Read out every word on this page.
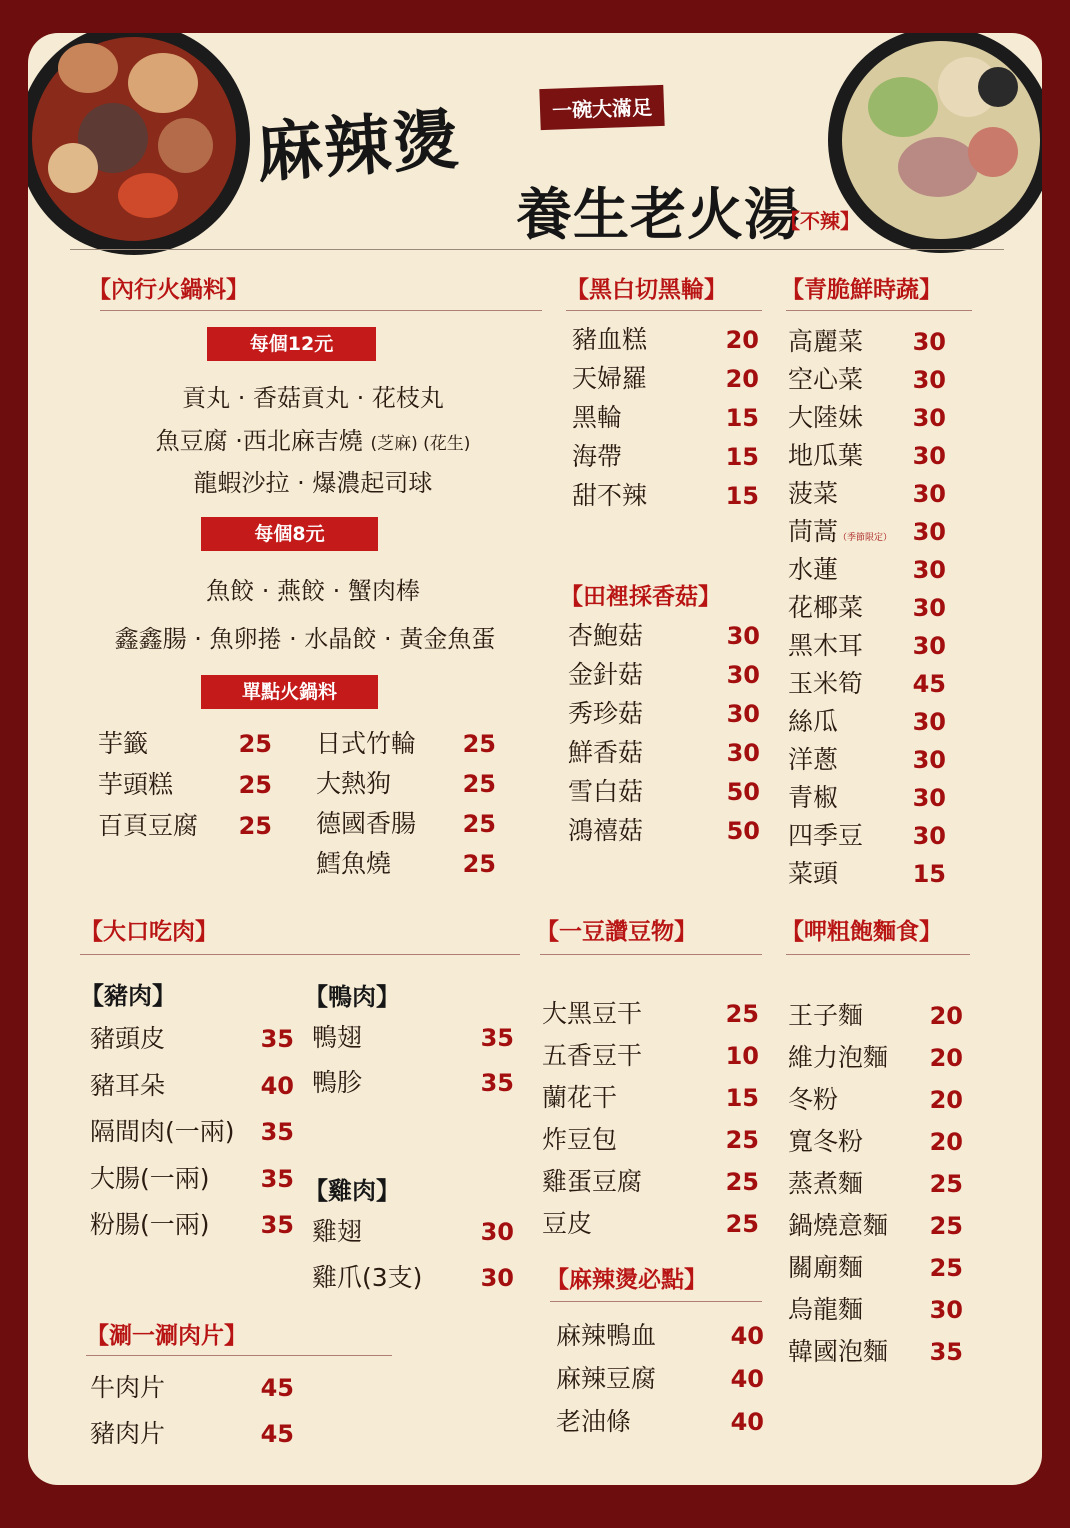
麻辣燙	一碗大滿足
養生老火湯
【不辣】
【內行火鍋料】
每個12元
貢丸 · 香菇貢丸 · 花枝丸
魚豆腐 ·西北麻吉燒 (芝麻) (花生)
龍蝦沙拉 · 爆濃起司球
每個8元
魚餃 · 燕餃 · 蟹肉棒
鑫鑫腸 · 魚卵捲 · 水晶餃 · 黃金魚蛋
單點火鍋料
芋籤	25
芋頭糕	25
百頁豆腐	25
日式竹輪	25
大熱狗	25
德國香腸	25
鱈魚燒	25
【黑白切黑輪】
豬血糕	20
天婦羅	20
黑輪	15
海帶	15
甜不辣	15
【田裡採香菇】
杏鮑菇	30
金針菇	30
秀珍菇	30
鮮香菇	30
雪白菇	50
鴻禧菇	50
【青脆鮮時蔬】
高麗菜	30
空心菜	30
大陸妹	30
地瓜葉	30
菠菜	30
茼蒿（季節限定） 30
水蓮	30
花椰菜	30
黑木耳	30
玉米筍	45
絲瓜	30
洋蔥	30
青椒	30
四季豆	30
菜頭	15
【大口吃肉】
【豬肉】	【鴨肉】
【雞肉】
豬頭皮	35
豬耳朵	40
隔間肉(一兩)	35
大腸(一兩)	35
粉腸(一兩)	35
鴨翅	35
鴨胗	35
雞翅	30
雞爪(3支)	30
【涮一涮肉片】
牛肉片	45
豬肉片	45
【一豆讚豆物】
大黑豆干	25
五香豆干	10
蘭花干	15
炸豆包	25
雞蛋豆腐	25
豆皮	25
【麻辣燙必點】
麻辣鴨血	40
麻辣豆腐	40
老油條	40
【呷粗飽麵食】
王子麵	20
維力泡麵	20
冬粉	20
寬冬粉	20
蒸煮麵	25
鍋燒意麵	25
關廟麵	25
烏龍麵	30
韓國泡麵	35
